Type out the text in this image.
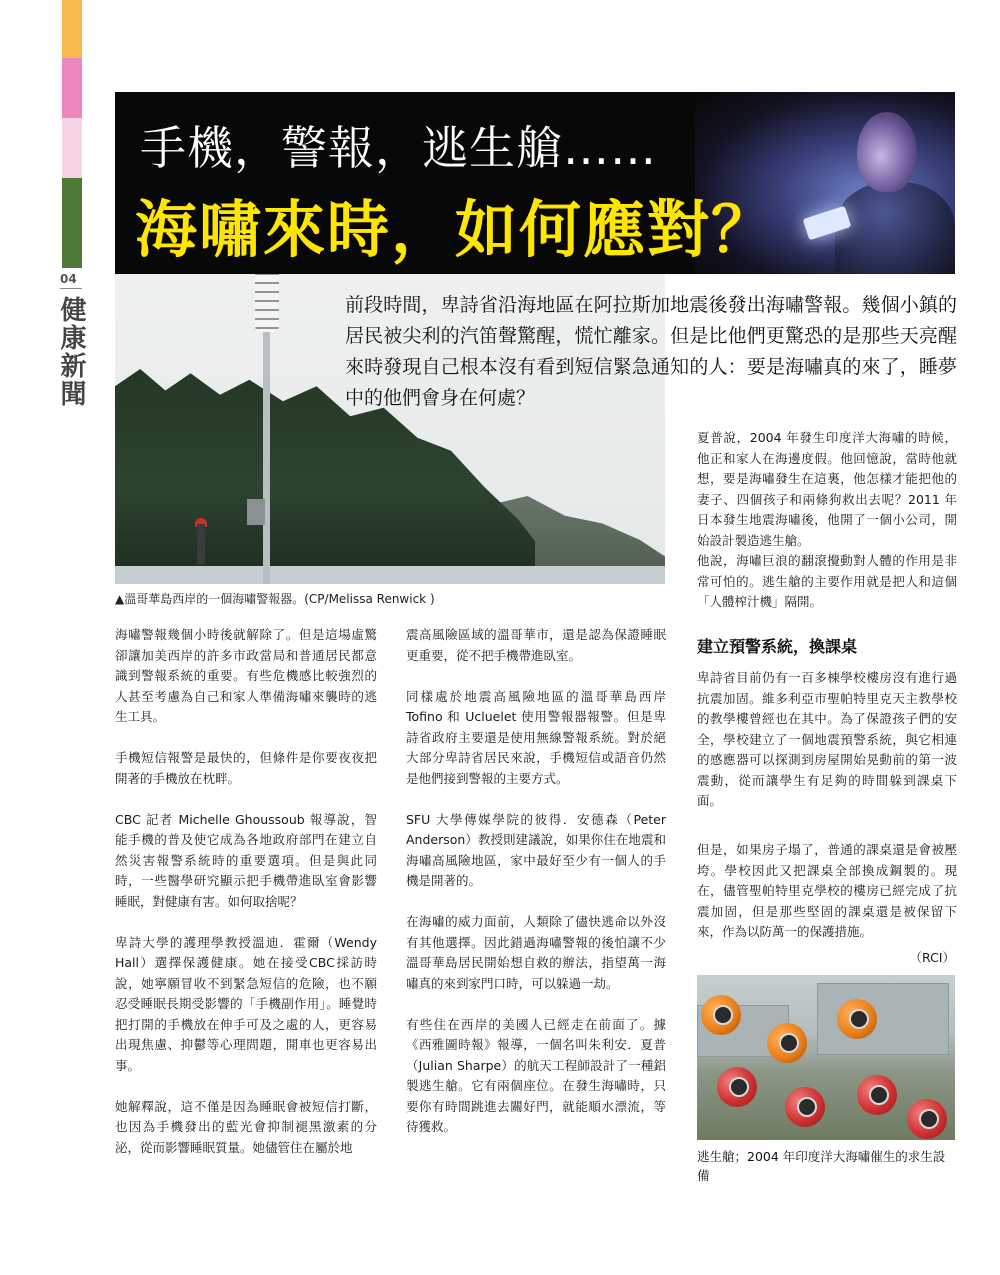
04
健康新聞
手機，警報，逃生艙……
海嘯來時，如何應對？
▲溫哥華島西岸的一個海嘯警報器。(CP/Melissa Renwick )
前段時間，卑詩省沿海地區在阿拉斯加地震後發出海嘯警報。幾個小鎮的居民被尖利的汽笛聲驚醒，慌忙離家。但是比他們更驚恐的是那些天亮醒來時發現自己根本沒有看到短信緊急通知的人：要是海嘯真的來了，睡夢中的他們會身在何處？

海嘯警報幾個小時後就解除了。但是這場虛驚卻讓加美西岸的許多市政當局和普通居民都意識到警報系統的重要。有些危機感比較強烈的人甚至考慮為自己和家人準備海嘯來襲時的逃生工具。

手機短信報警是最快的，但條件是你要夜夜把開著的手機放在枕畔。

CBC 記者 Michelle Ghoussoub 報導說，智能手機的普及使它成為各地政府部門在建立自然災害報警系統時的重要選項。但是與此同時，一些醫學研究顯示把手機帶進臥室會影響睡眠，對健康有害。如何取捨呢？

卑詩大學的護理學教授溫迪．霍爾（Wendy Hall）選擇保護健康。她在接受CBC採訪時說，她寧願冒收不到緊急短信的危險，也不願忍受睡眠長期受影響的「手機副作用」。睡覺時把打開的手機放在伸手可及之處的人，更容易出現焦慮、抑鬱等心理問題，開車也更容易出事。

她解釋說，這不僅是因為睡眠會被短信打斷，也因為手機發出的藍光會抑制褪黑激素的分泌，從而影響睡眠質量。她儘管住在屬於地

震高風險區域的溫哥華市，還是認為保證睡眠更重要，從不把手機帶進臥室。

同樣處於地震高風險地區的溫哥華島西岸Tofino 和 Ucluelet 使用警報器報警。但是卑詩省政府主要還是使用無線警報系統。對於絕大部分卑詩省居民來說，手機短信或語音仍然是他們接到警報的主要方式。

SFU 大學傳媒學院的彼得．安德森（Peter Anderson）教授則建議說，如果你住在地震和海嘯高風險地區，家中最好至少有一個人的手機是開著的。

在海嘯的威力面前，人類除了儘快逃命以外沒有其他選擇。因此錯過海嘯警報的後怕讓不少溫哥華島居民開始想自救的辦法，指望萬一海嘯真的來到家門口時，可以躲過一劫。

有些住在西岸的美國人已經走在前面了。據《西雅圖時報》報導，一個名叫朱利安．夏普（Julian Sharpe）的航天工程師設計了一種鋁製逃生艙。它有兩個座位。在發生海嘯時，只要你有時間跳進去關好門，就能順水漂流，等待獲救。

夏普說，2004 年發生印度洋大海嘯的時候，他正和家人在海邊度假。他回憶說，當時他就想，要是海嘯發生在這裏，他怎樣才能把他的妻子、四個孩子和兩條狗救出去呢？2011 年日本發生地震海嘯後，他開了一個小公司，開始設計製造逃生艙。

他說，海嘯巨浪的翻滾攪動對人體的作用是非常可怕的。逃生艙的主要作用就是把人和這個「人體榨汁機」隔開。

建立預警系統，換課桌

卑詩省目前仍有一百多棟學校樓房沒有進行過抗震加固。維多利亞市聖帕特里克天主教學校的教學樓曾經也在其中。為了保證孩子們的安全，學校建立了一個地震預警系統，與它相連的感應器可以探測到房屋開始晃動前的第一波震動，從而讓學生有足夠的時間躲到課桌下面。

但是，如果房子塌了，普通的課桌還是會被壓垮。學校因此又把課桌全部換成鋼製的。現在，儘管聖帕特里克學校的樓房已經完成了抗震加固，但是那些堅固的課桌還是被保留下來，作為以防萬一的保護措施。

（RCI）
逃生艙；2004 年印度洋大海嘯催生的求生設備
